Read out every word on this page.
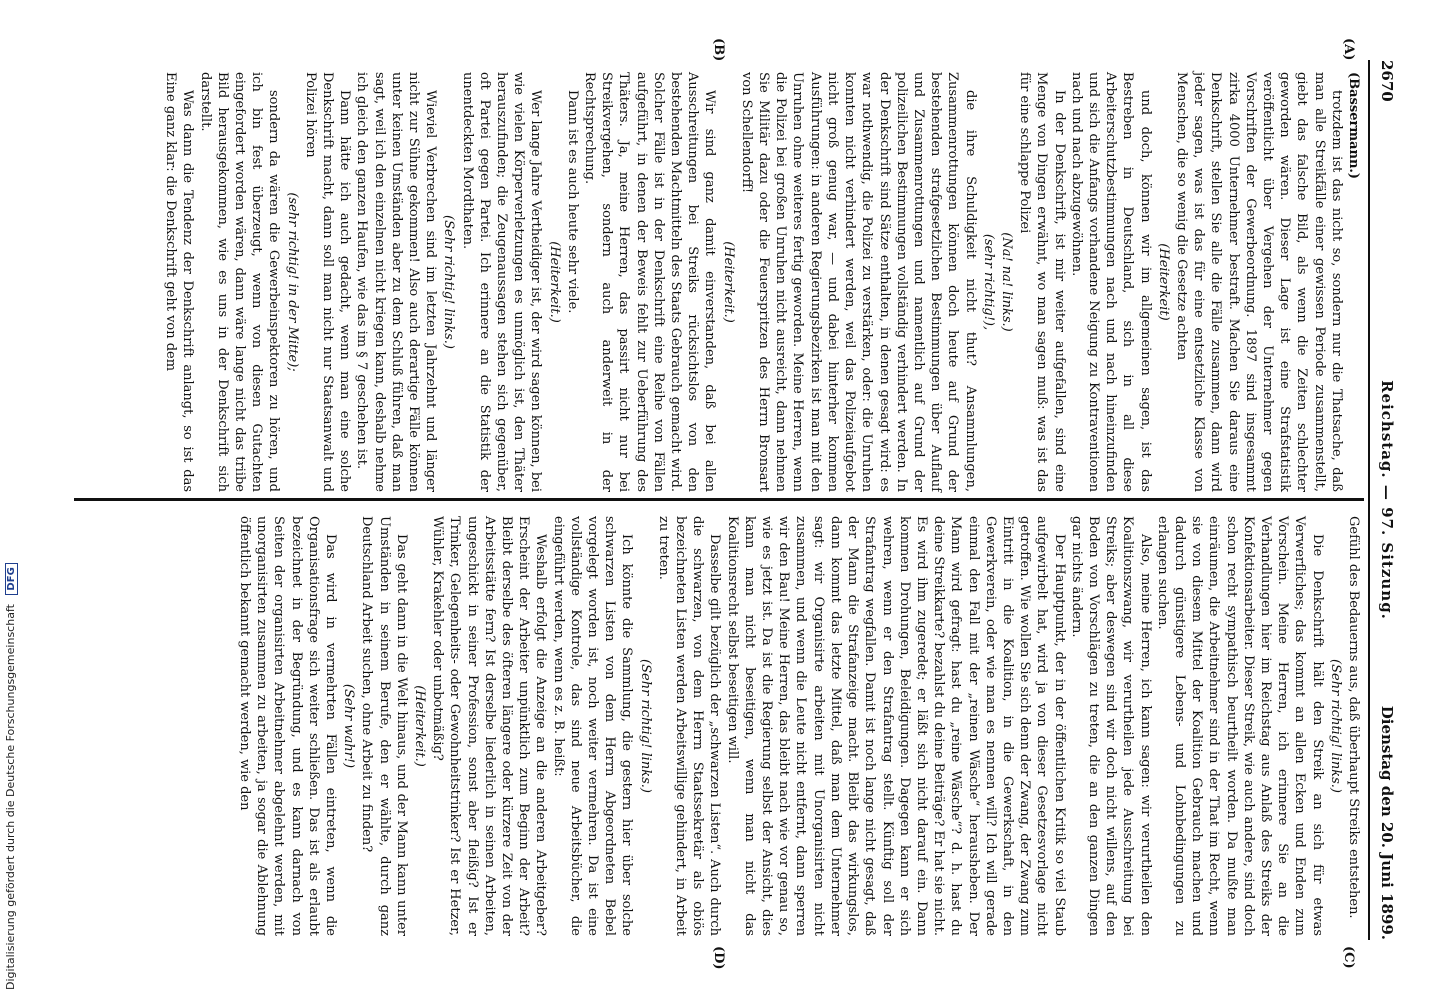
2670
Reichstag. — 97. Sitzung.
Dienstag den 20. Juni 1899.
(A)
(B)
(C)
(D)

(Bassermann.)

trotzdem ist das nicht so, sondern nur die Thatsache, daß man alle Streikfälle einer gewissen Periode zusammenstellt, giebt das falsche Bild, als wenn die Zeiten schlechter geworden wären. Dieser Lage ist eine Strafstatistik veröffentlicht über Vergehen der Unternehmer gegen Vorschriften der Gewerbeordnung. 1897 sind insgesammt zirka 4000 Unternehmer bestraft. Machen Sie daraus eine Denkschrift, stellen Sie alle die Fälle zusammen, dann wird jeder sagen, was ist das für eine entsetzliche Klasse von Menschen, die so wenig die Gesetze achten

(Heiterkeit)

und doch, können wir im allgemeinen sagen, ist das Bestreben in Deutschland, sich in all diese Arbeiterschutzbestimmungen nach und nach hineinzufinden und sich die Anfangs vorhandene Neigung zu Kontraventionen nach und nach abzugewöhnen.

In der Denkschrift, ist mir weiter aufgefallen, sind eine Menge von Dingen erwähnt, wo man sagen muß: was ist das für eine schlappe Polizei

(Na! na! links.)

(sehr richtig!),

die ihre Schuldigkeit nicht thut? Ansammlungen, Zusammenrottungen können doch heute auf Grund der bestehenden strafgesetzlichen Bestimmungen über Auflauf und Zusammenrottungen und namentlich auf Grund der polizeilichen Bestimmungen vollständig verhindert werden. In der Denkschrift sind Sätze enthalten, in denen gesagt wird: es war nothwendig, die Polizei zu verstärken, oder: die Unruhen konnten nicht verhindert werden, weil das Polizeiaufgebot nicht groß genug war, — und dabei hinterher kommen Ausführungen: in anderen Regierungsbezirken ist man mit den Unruhen ohne weiteres fertig geworden. Meine Herren, wenn die Polizei bei großen Unruhen nicht ausreicht, dann nehmen Sie Militär dazu oder die Feuerspritzen des Herrn Bronsart von Schellendorff!

(Heiterkeit.)

Wir sind ganz damit einverstanden, daß bei allen Ausschreitungen bei Streiks rücksichtslos von den bestehenden Machtmitteln des Staats Gebrauch gemacht wird. Solcher Fälle ist in der Denkschrift eine Reihe von Fällen aufgeführt, in denen der Beweis fehlt zur Ueberführung des Thäters. Ja, meine Herren, das passirt nicht nur bei Streikvergehen, sondern auch anderweit in der Rechtsprechung.

Dann ist es auch heute sehr viele.

(Heiterkeit.)

Wer lange Jahre Vertheidiger ist, der wird sagen können, bei wie vielen Körperverletzungen es unmöglich ist, den Thäter herauszufinden; die Zeugenaussagen stehen sich gegenüber, oft Partei gegen Partei. Ich erinnere an die Statistik der unentdeckten Mordthaten.

(Sehr richtig! links.)

Wieviel Verbrechen sind im letzten Jahrzehnt und länger nicht zur Sühne gekommen! Also auch derartige Fälle können unter keinen Umständen aber zu dem Schluß führen, daß man sagt, weil ich den einzelnen nicht kriegen kann, deshalb nehme ich gleich den ganzen Haufen, wie das im § 7 geschehen ist.

Dann hätte ich auch gedacht, wenn man eine solche Denkschrift macht, dann soll man nicht nur Staatsanwalt und Polizei hören

(sehr richtig! in der Mitte);

sondern da wären die Gewerbeinspektoren zu hören, und ich bin fest überzeugt, wenn von diesen Gutachten eingefordert worden wären, dann wäre lange nicht das triibe Bild herausgekommen, wie es uns in der Denkschrift sich darstellt.

Was dann die Tendenz der Denkschrift anlangt, so ist das Eine ganz klar: die Denkschrift geht von dem

Gefühl des Bedauerns aus, daß überhaupt Streiks entstehen.

(Sehr richtig! links.)

Die Denkschrift hält den Streik an sich für etwas Verwerfliches; das kommt an allen Ecken und Enden zum Vorschein. Meine Herren, ich erinnere Sie an die Verhandlungen hier im Reichstag aus Anlaß des Streiks der Konfektionsarbeiter. Dieser Streik, wie auch andere, sind doch schon recht sympathisch beurtheilt worden. Da mußte man einräumen, die Arbeitnehmer sind in der That im Recht, wenn sie von diesem Mittel der Koalition Gebrauch machen und dadurch günstigere Lebens- und Lohnbedingungen zu erlangen suchen.

Also, meine Herren, ich kann sagen: wir verurtheilen den Koalitionszwang, wir verurtheilen jede Ausschreitung bei Streiks; aber deswegen sind wir doch nicht willens, auf den Boden von Vorschlägen zu treten, die an den ganzen Dingen gar nichts ändern.

Der Hauptpunkt, der in der öffentlichen Kritik so viel Staub aufgewirbelt hat, wird ja von dieser Gesetzesvorlage nicht getroffen. Wie wollen Sie sich denn der Zwang, der Zwang zum Eintritt in die Koalition, in die Gewerkschaft, in den Gewerkverein, oder wie man es nennen will? Ich will gerade einmal den Fall mit der „reinen Wäsche“ herausheben. Der Mann wird gefragt: hast du „reine Wäsche“? d. h. hast du deine Streikkarte? bezahlst du deine Beiträge? Er hat sie nicht. Es wird ihm zugeredet; er läßt sich nicht darauf ein. Dann kommen Drohungen, Beleidigungen. Dagegen kann er sich wehren, wenn er den Strafantrag stellt. Künftig soll der Strafantrag wegfallen. Damit ist noch lange nicht gesagt, daß der Mann die Strafanzeige macht. Bleibt das wirkungslos, dann kommt das letzte Mittel, daß man dem Unternehmer sagt: wir Organisirte arbeiten mit Unorganisirten nicht zusammen, und wenn die Leute nicht entfernt, dann sperren wir den Bau! Meine Herren, das bleibt nach wie vor genau so, wie es jetzt ist. Da ist die Regierung selbst der Ansicht, dies kann man nicht beseitigen, wenn man nicht das Koalitionsrecht selbst beseitigen will.

Dasselbe gilt bezüglich der „schwarzen Listen“. Auch durch die schwarzen, von dem Herrn Staatssekretär als obiös bezeichneten Listen werden Arbeitswillige gehindert, in Arbeit zu treten.

(Sehr richtig! links.)

Ich könnte die Sammlung, die gestern hier über solche schwarzen Listen von dem Herrn Abgeordneten Bebel vorgelegt worden ist, noch weiter vermehren. Da ist eine vollständige Kontrole, das sind neue Arbeitsbücher, die eingeführt werden, wenn es z. B. heißt:

Weshalb erfolgt die Anzeige an die anderen Arbeitgeber? Erscheint der Arbeiter unpünktlich zum Beginn der Arbeit? Bleibt derselbe des öfteren längere oder kürzere Zeit von der Arbeitsstätte fern? Ist derselbe liederlich in seinen Arbeiten, ungeschickt in seiner Profession, sonst aber fleißig? Ist er Trinker, Gelegenheits- oder Gewohnheitstrinker? Ist er Hetzer, Wühler, Krakehler oder unbotmäßig?

(Heiterkeit.)

Das geht dann in die Welt hinaus, und der Mann kann unter Umständen in seinem Berufe, den er wählte, durch ganz Deutschland Arbeit suchen, ohne Arbeit zu finden?

(Sehr wahr!)

Das wird in vermehrten Fällen eintreten, wenn die Organisationsfrage sich weiter schließen. Das ist als erlaubt bezeichnet in der Begründung, und es kann darnach von Seiten der organisirten Arbeitnehmer abgelehnt werden, mit unorganisirten zusammen zu arbeiten, ja sogar die Ablehnung öffentlich bekannt gemacht werden, wie den

Digitalisierung gefördert durch die Deutsche Forschungsgemeinschaft DFG
